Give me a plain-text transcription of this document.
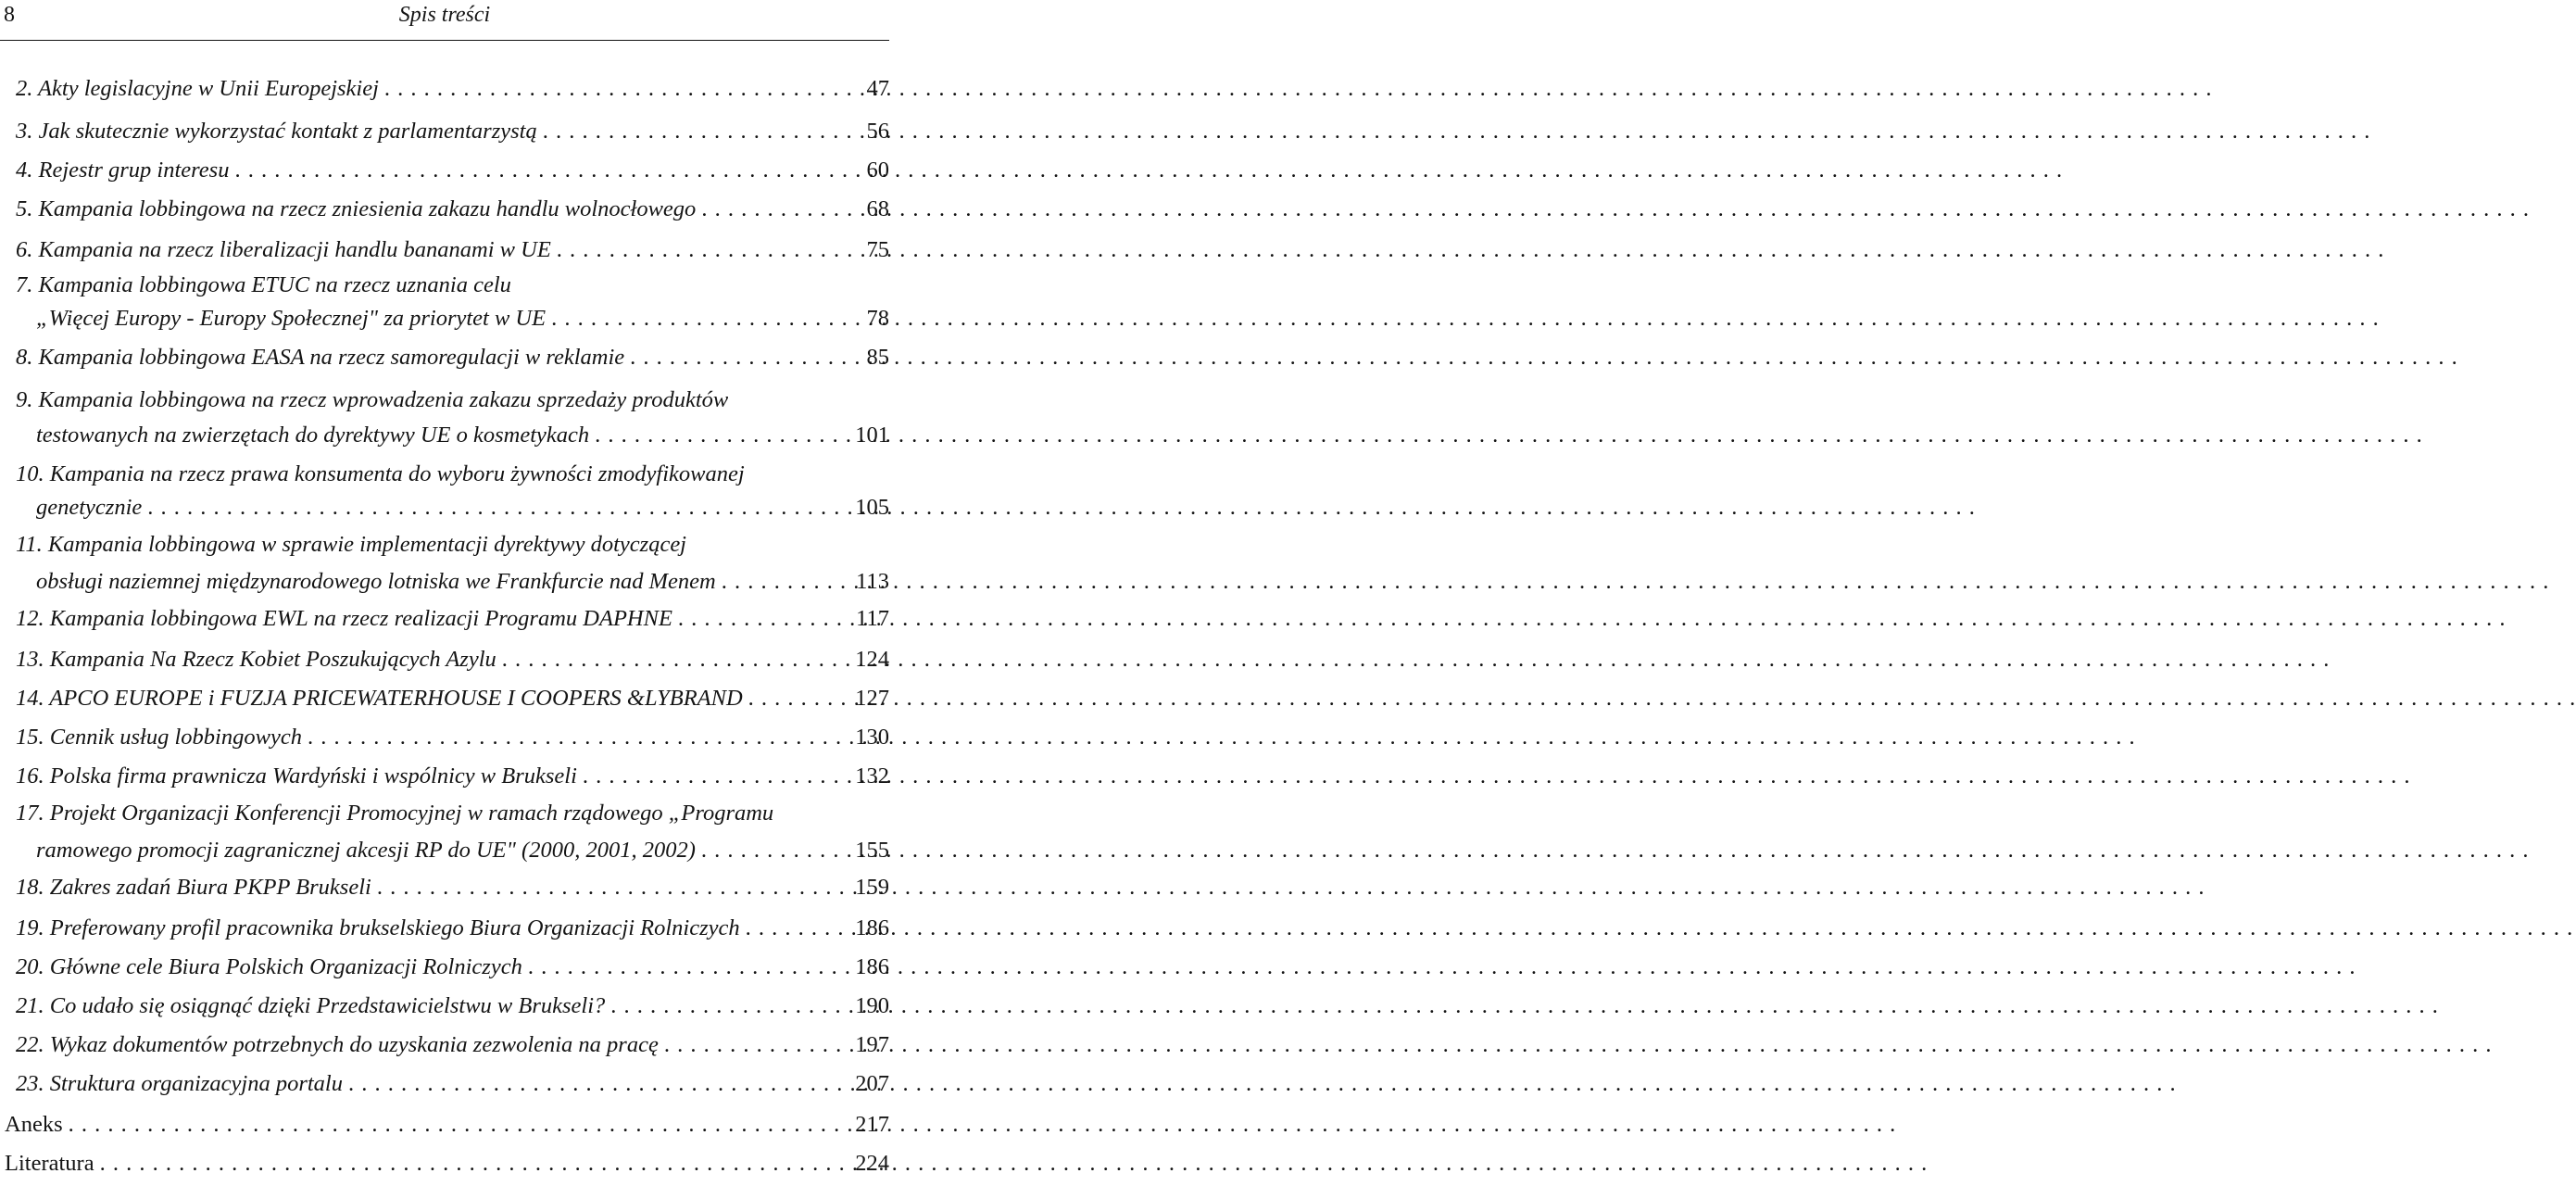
8	Spis treści
2. Akty legislacyjne w Unii Europejskiej . . .	47
3. Jak skutecznie wykorzystać kontakt z parlamentarzystą . . .	56
4. Rejestr grup interesu . . .	60
5. Kampania lobbingowa na rzecz zniesienia zakazu handlu wolnocłowego . . .	68
6. Kampania na rzecz liberalizacji handlu bananami w UE . . .	75
7. Kampania lobbingowa ETUC na rzecz uznania celu
„Więcej Europy - Europy Społecznej" za priorytet w UE . . .	78
8. Kampania lobbingowa EASA na rzecz samoregulacji w reklamie . . .	85
9. Kampania lobbingowa na rzecz wprowadzenia zakazu sprzedaży produktów
testowanych na zwierzętach do dyrektywy UE o kosmetykach . . .	101
10. Kampania na rzecz prawa konsumenta do wyboru żywności zmodyfikowanej
genetycznie . . .	105
11. Kampania lobbingowa w sprawie implementacji dyrektywy dotyczącej
obsługi naziemnej międzynarodowego lotniska we Frankfurcie nad Menem . . .	113
12. Kampania lobbingowa EWL na rzecz realizacji Programu DAPHNE . . .	117
13. Kampania Na Rzecz Kobiet Poszukujących Azylu . . .	124
14. APCO EUROPE i FUZJA PRICEWATERHOUSE I COOPERS &LYBRAND . . .	127
15. Cennik usług lobbingowych . . .	130
16. Polska firma prawnicza Wardyński i wspólnicy w Brukseli . . .	132
17. Projekt Organizacji Konferencji Promocyjnej w ramach rządowego „Programu
ramowego promocji zagranicznej akcesji RP do UE" (2000, 2001, 2002) . . .	155
18. Zakres zadań Biura PKPP Brukseli . . .	159
19. Preferowany profil pracownika brukselskiego Biura Organizacji Rolniczych . . .	186
20. Główne cele Biura Polskich Organizacji Rolniczych . . .	186
21. Co udało się osiągnąć dzięki Przedstawicielstwu w Brukseli? . . .	190
22. Wykaz dokumentów potrzebnych do uzyskania zezwolenia na pracę . . .	197
23. Struktura organizacyjna portalu . . .	207
Aneks . . .	217
Literatura . . .	224
